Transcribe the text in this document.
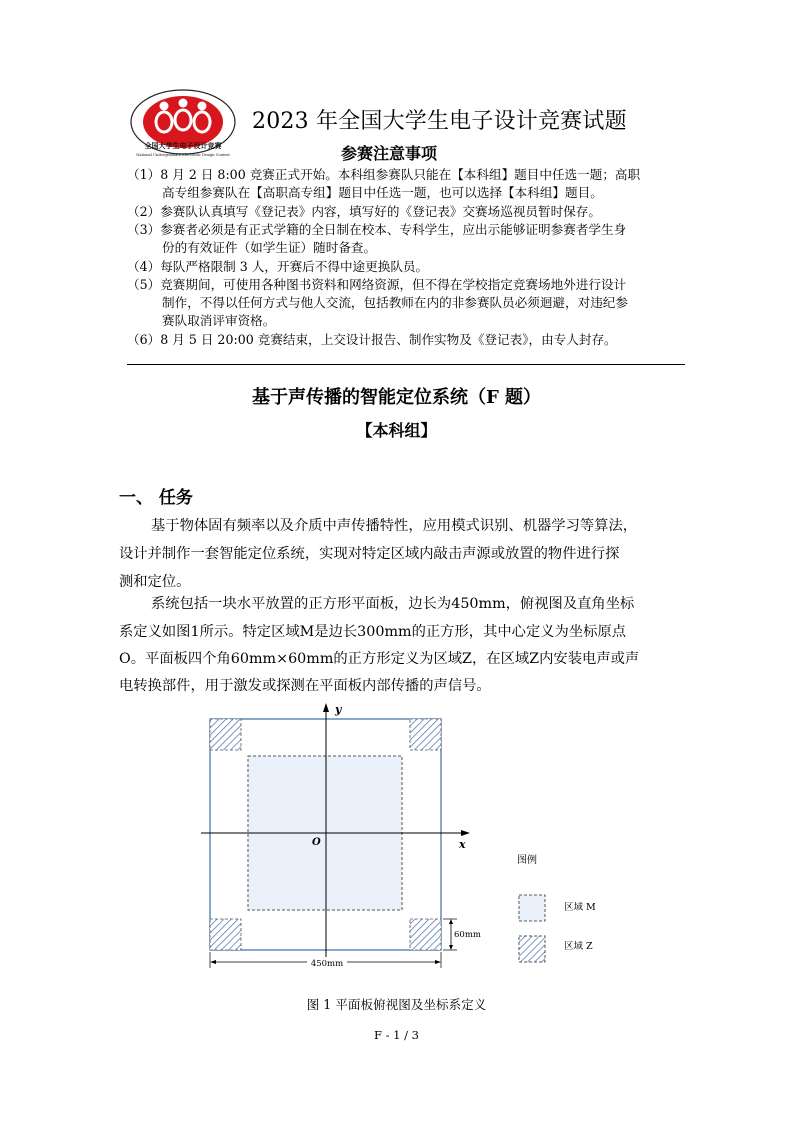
全国大学生电子设计竞赛
National Undergraduate Electronic Design Contest
2023 年全国大学生电子设计竞赛试题
参赛注意事项
（1）8 月 2 日 8:00 竞赛正式开始。本科组参赛队只能在【本科组】题目中任选一题；高职
高专组参赛队在【高职高专组】题目中任选一题，也可以选择【本科组】题目。
（2）参赛队认真填写《登记表》内容，填写好的《登记表》交赛场巡视员暂时保存。
（3）参赛者必须是有正式学籍的全日制在校本、专科学生，应出示能够证明参赛者学生身
份的有效证件（如学生证）随时备查。
（4）每队严格限制 3 人，开赛后不得中途更换队员。
（5）竞赛期间，可使用各种图书资料和网络资源，但不得在学校指定竞赛场地外进行设计
制作，不得以任何方式与他人交流，包括教师在内的非参赛队员必须迴避，对违纪参
赛队取消评审资格。
（6）8 月 5 日 20:00 竞赛结束，上交设计报告、制作实物及《登记表》，由专人封存。
基于声传播的智能定位系统（F 题）
【本科组】
一、 任务
基于物体固有频率以及介质中声传播特性，应用模式识别、机器学习等算法，
设计并制作一套智能定位系统，实现对特定区域内敲击声源或放置的物件进行探
测和定位。
系统包括一块水平放置的正方形平面板，边长为450mm，俯视图及直角坐标
系定义如图1所示。特定区域M是边长300mm的正方形，其中心定义为坐标原点
O。平面板四个角60mm×60mm的正方形定义为区域Z，在区域Z内安装电声或声
电转换部件，用于激发或探测在平面板内部传播的声信号。
y
x
O
60mm
450mm
图例
区域 M
区域 Z
图 1 平面板俯视图及坐标系定义
F - 1 / 3
